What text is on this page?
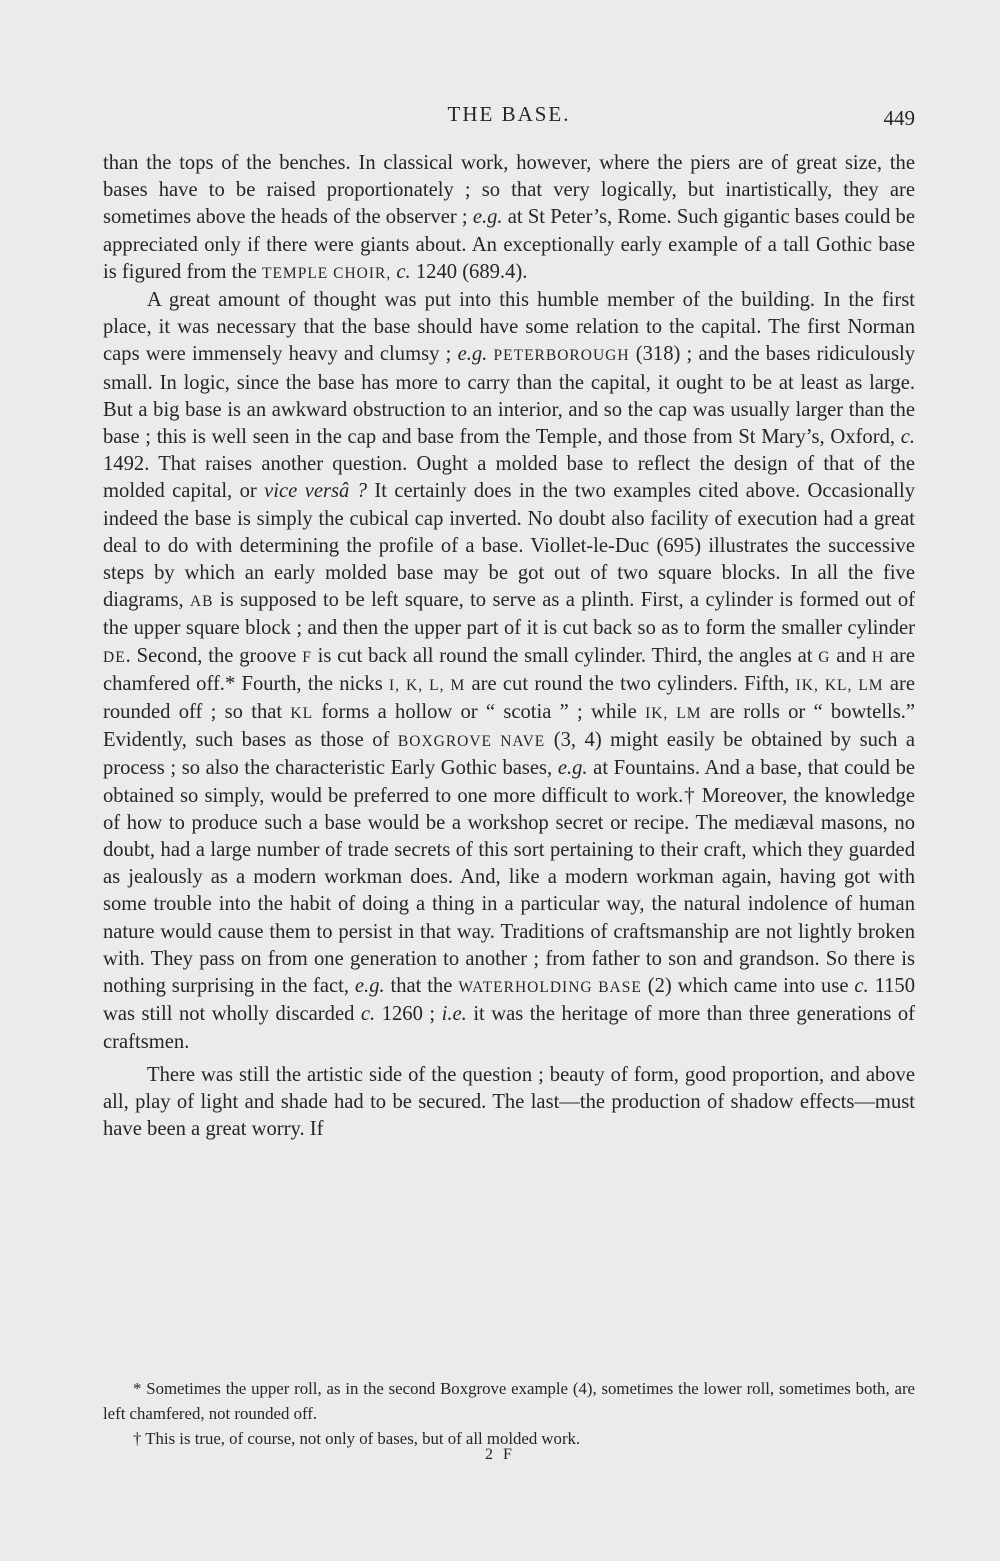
THE BASE.	449

than the tops of the benches. In classical work, however, where the piers are of great size, the bases have to be raised proportionately ; so that very logically, but inartistically, they are sometimes above the heads of the observer ; e.g. at St Peter’s, Rome. Such gigantic bases could be appreciated only if there were giants about. An exceptionally early example of a tall Gothic base is figured from the TEMPLE CHOIR, c. 1240 (689.4).

A great amount of thought was put into this humble member of the building. In the first place, it was necessary that the base should have some relation to the capital. The first Norman caps were immensely heavy and clumsy ; e.g. PETERBOROUGH (318) ; and the bases ridiculously small. In logic, since the base has more to carry than the capital, it ought to be at least as large. But a big base is an awkward obstruction to an interior, and so the cap was usually larger than the base ; this is well seen in the cap and base from the Temple, and those from St Mary’s, Oxford, c. 1492. That raises another question. Ought a molded base to reflect the design of that of the molded capital, or vice versâ ? It certainly does in the two examples cited above. Occasionally indeed the base is simply the cubical cap inverted. No doubt also facility of execution had a great deal to do with determining the profile of a base. Viollet-le-Duc (695) illustrates the successive steps by which an early molded base may be got out of two square blocks. In all the five diagrams, AB is supposed to be left square, to serve as a plinth. First, a cylinder is formed out of the upper square block ; and then the upper part of it is cut back so as to form the smaller cylinder DE. Second, the groove F is cut back all round the small cylinder. Third, the angles at G and H are chamfered off.* Fourth, the nicks I, K, L, M are cut round the two cylinders. Fifth, IK, KL, LM are rounded off ; so that KL forms a hollow or “ scotia ” ; while IK, LM are rolls or “ bowtells.” Evidently, such bases as those of BOXGROVE NAVE (3, 4) might easily be obtained by such a process ; so also the characteristic Early Gothic bases, e.g. at Fountains. And a base, that could be obtained so simply, would be preferred to one more difficult to work.† Moreover, the knowledge of how to produce such a base would be a workshop secret or recipe. The mediæval masons, no doubt, had a large number of trade secrets of this sort pertaining to their craft, which they guarded as jealously as a modern workman does. And, like a modern workman again, having got with some trouble into the habit of doing a thing in a particular way, the natural indolence of human nature would cause them to persist in that way. Traditions of craftsmanship are not lightly broken with. They pass on from one generation to another ; from father to son and grandson. So there is nothing surprising in the fact, e.g. that the WATERHOLDING BASE (2) which came into use c. 1150 was still not wholly discarded c. 1260 ; i.e. it was the heritage of more than three generations of craftsmen.

There was still the artistic side of the question ; beauty of form, good proportion, and above all, play of light and shade had to be secured. The last—the production of shadow effects—must have been a great worry. If

* Sometimes the upper roll, as in the second Boxgrove example (4), sometimes the lower roll, sometimes both, are left chamfered, not rounded off.

† This is true, of course, not only of bases, but of all molded work.

2 F
